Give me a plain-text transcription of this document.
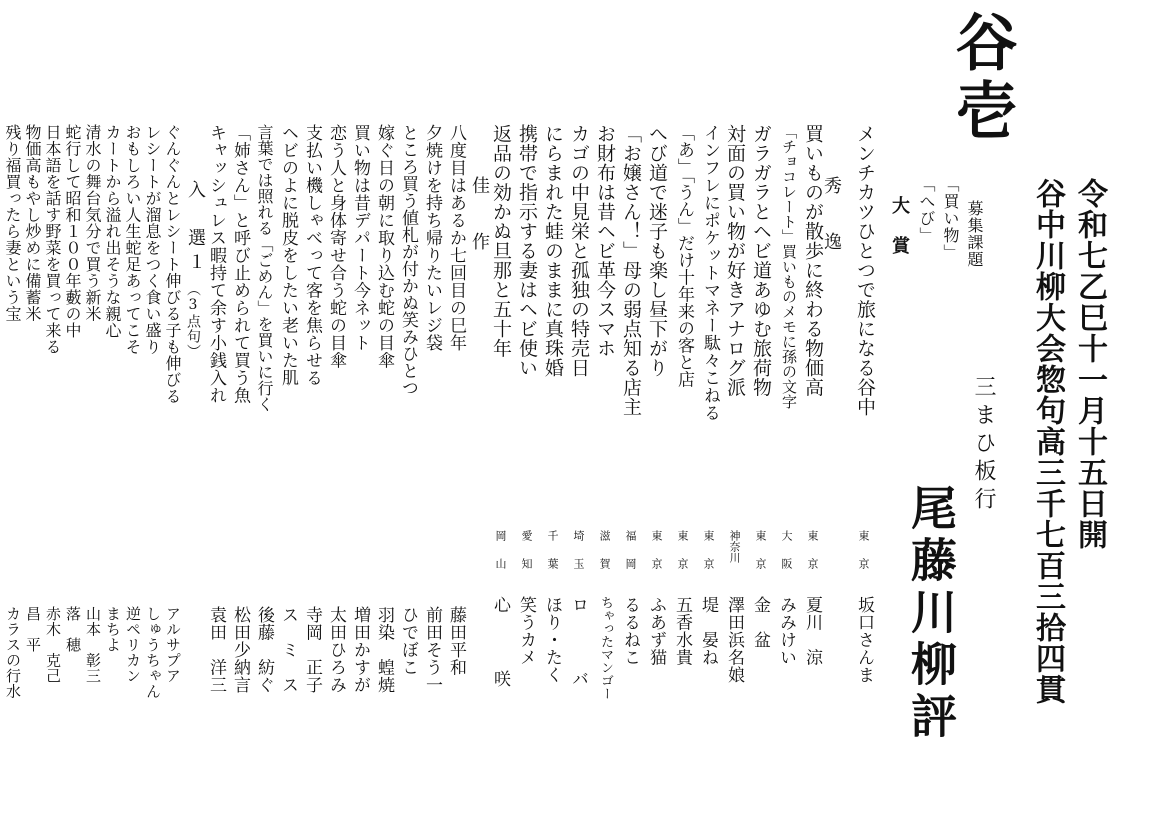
谷壱
令和七乙巳十一月十五日開
谷中川柳大会惣句高三千七百三拾四貫
三まひ板行
尾藤川柳評
募集課題
「買い物」
「へび」
大　賞
メンチカツひとつで旅になる谷中
東　京
坂口さんま
秀　逸
買いものが散歩に終わる物価高
東　京
夏川　涼
「チョコレート」買いものメモに孫の文字
大　阪
みみけい
ガラガラとヘビ道あゆむ旅荷物
東　京
金　盆
対面の買い物が好きアナログ派
神奈川
澤田浜名娘
インフレにポケットマネー駄々こねる
東　京
堤　晏ね
「あ」「うん」だけ十年来の客と店
東　京
五香水貴
へび道で迷子も楽し昼下がり
東　京
ふあず猫
「お嬢さん！」母の弱点知る店主
福　岡
るるねこ
お財布は昔ヘビ革今スマホ
滋　賀
ちゃったマンゴー
カゴの中見栄と孤独の特売日
埼　玉
ロ　バ
にらまれた蛙のままに真珠婚
千　葉
ほり・たく
携帯で指示する妻はヘビ使い
愛　知
笑うカメ
返品の効かぬ旦那と五十年
岡　山
心　咲
佳　作
八度目はあるか七回目の巳年
藤田平和
夕焼けを持ち帰りたいレジ袋
前田そう一
ところ買う値札が付かぬ笑みひとつ
ひでぼこ
嫁ぐ日の朝に取り込む蛇の目傘
羽染　蝗焼
買い物は昔デパート今ネット
増田かすが
恋う人と身体寄せ合う蛇の目傘
太田ひろみ
支払い機しゃべって客を焦らせる
寺岡　正子
ヘビのよに脱皮をしたい老いた肌
ス　ミ　ス
言葉では照れる「ごめん」を買いに行く
後藤　紡ぐ
「姉さん」と呼び止められて買う魚
松田少納言
キャッシュレス暇持て余す小銭入れ
袁田　洋三
入　選１
（3点句）
ぐんぐんとレシート伸びる子も伸びる
アルサプア
レシートが溜息をつく食い盛り
しゅうちゃん
おもしろい人生蛇足あってこそ
逆ペリカン
カートから溢れ出そうな親心
まちよ
清水の舞台気分で買う新米
山本　彰三
蛇行して昭和１００年藪の中
落　穂
日本語を話す野菜を買って来る
赤木　克己
物価高もやし炒めに備蓄米
昌　平
残り福買ったら妻という宝
カラスの行水
